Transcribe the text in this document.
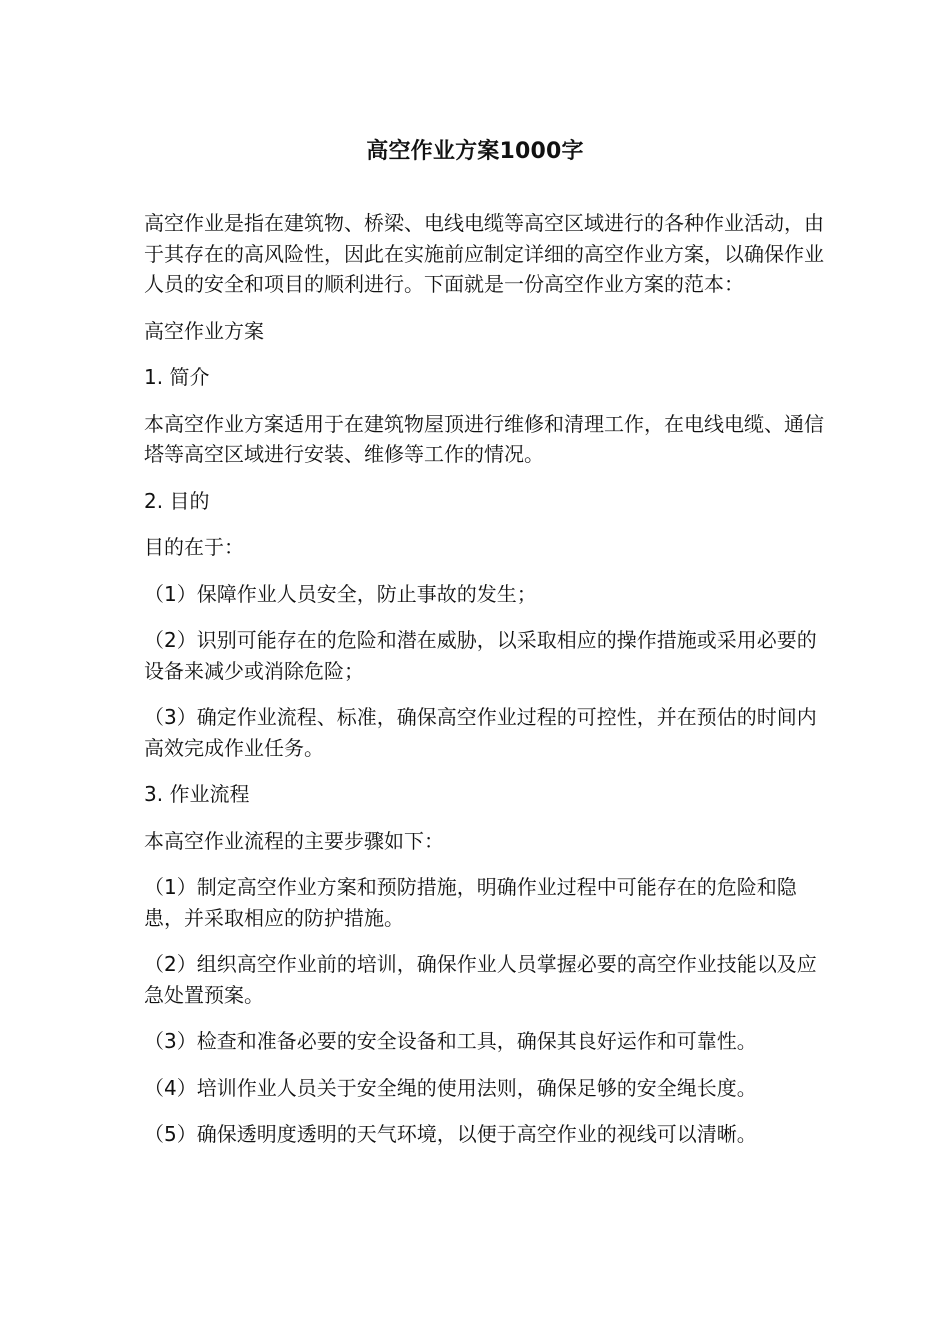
高空作业方案1000字

高空作业是指在建筑物、桥梁、电线电缆等高空区域进行的各种作业活动，由于其存在的高风险性，因此在实施前应制定详细的高空作业方案，以确保作业人员的安全和项目的顺利进行。下面就是一份高空作业方案的范本：

高空作业方案

1. 简介

本高空作业方案适用于在建筑物屋顶进行维修和清理工作，在电线电缆、通信塔等高空区域进行安装、维修等工作的情况。

2. 目的

目的在于：

（1）保障作业人员安全，防止事故的发生；

（2）识别可能存在的危险和潜在威胁，以采取相应的操作措施或采用必要的设备来减少或消除危险；

（3）确定作业流程、标准，确保高空作业过程的可控性，并在预估的时间内高效完成作业任务。

3. 作业流程

本高空作业流程的主要步骤如下：

（1）制定高空作业方案和预防措施，明确作业过程中可能存在的危险和隐患，并采取相应的防护措施。

（2）组织高空作业前的培训，确保作业人员掌握必要的高空作业技能以及应急处置预案。

（3）检查和准备必要的安全设备和工具，确保其良好运作和可靠性。

（4）培训作业人员关于安全绳的使用法则，确保足够的安全绳长度。

（5）确保透明度透明的天气环境，以便于高空作业的视线可以清晰。
